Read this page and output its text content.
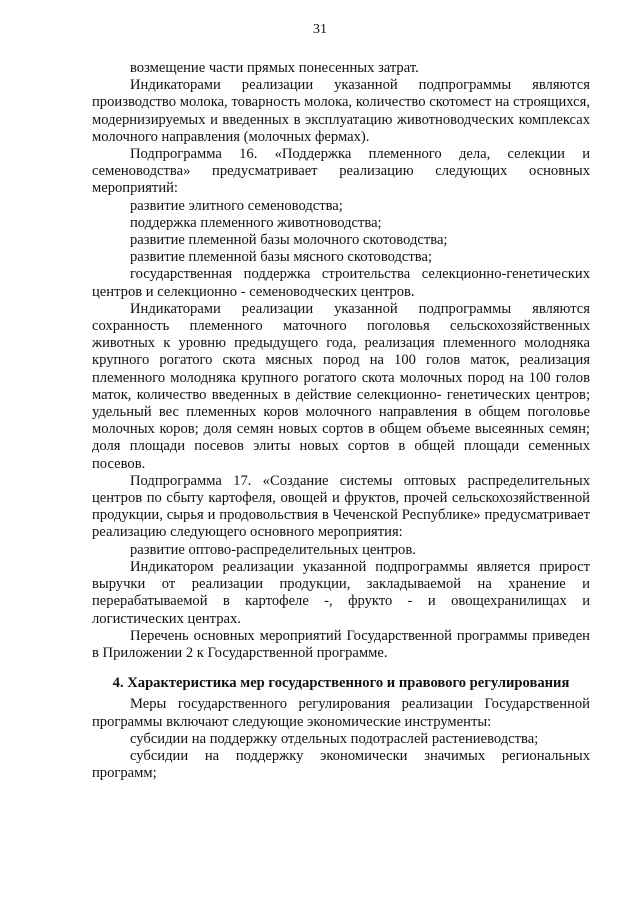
31

возмещение части прямых понесенных затрат.

Индикаторами реализации указанной подпрограммы являются производство молока, товарность молока, количество скотомест на строящихся, модернизируемых и введенных в эксплуатацию животноводческих комплексах молочного направления (молочных фермах).

Подпрограмма 16. «Поддержка племенного дела, селекции и семеноводства» предусматривает реализацию следующих основных мероприятий:

развитие элитного семеноводства;

поддержка племенного животноводства;

развитие племенной базы молочного скотоводства;

развитие племенной базы мясного скотоводства;

государственная поддержка строительства селекционно-генетических центров и селекционно - семеноводческих центров.

Индикаторами реализации указанной подпрограммы являются сохранность племенного маточного поголовья сельскохозяйственных животных к уровню предыдущего года, реализация племенного молодняка крупного рогатого скота мясных пород на 100 голов маток, реализация племенного молодняка крупного рогатого скота молочных пород на 100 голов маток, количество введенных в действие селекционно- генетических центров; удельный вес племенных коров молочного направления в общем поголовье молочных коров; доля семян новых сортов в общем объеме высеянных семян; доля площади посевов элиты новых сортов в общей площади семенных посевов.

Подпрограмма 17. «Создание системы оптовых распределительных центров по сбыту картофеля, овощей и фруктов, прочей сельскохозяйственной продукции, сырья и продовольствия в Чеченской Республике» предусматривает реализацию следующего основного мероприятия:

развитие оптово-распределительных центров.

Индикатором реализации указанной подпрограммы является прирост выручки от реализации продукции, закладываемой на хранение и перерабатываемой в картофеле -, фрукто - и овощехранилищах и логистических центрах.

Перечень основных мероприятий Государственной программы приведен в Приложении 2 к Государственной программе.

4. Характеристика мер государственного и правового регулирования

Меры государственного регулирования реализации Государственной программы включают следующие экономические инструменты:

субсидии на поддержку отдельных подотраслей растениеводства;

субсидии на поддержку экономически значимых региональных программ;
